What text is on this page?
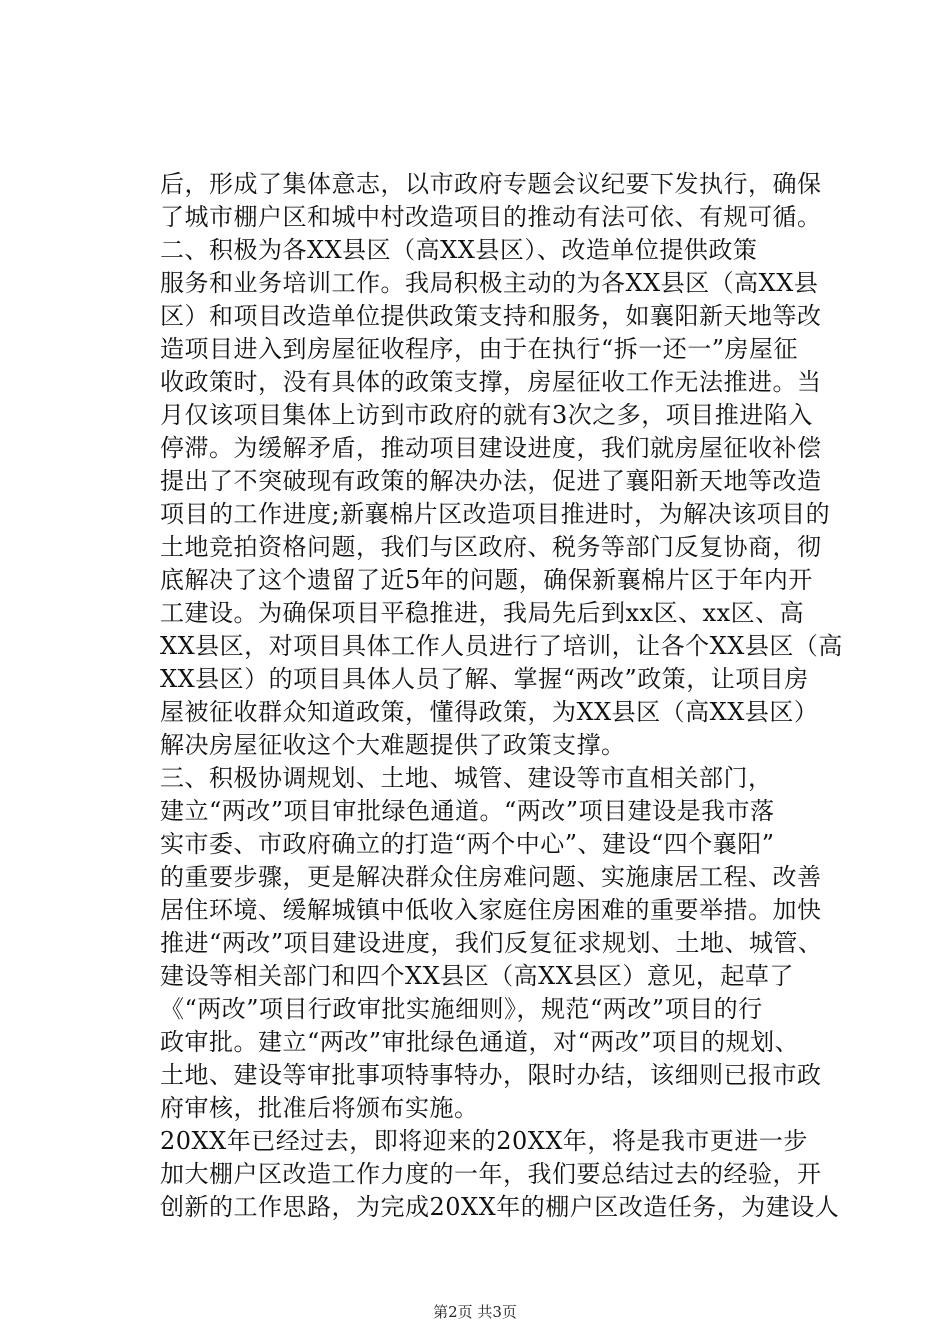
后，形成了集体意志，以市政府专题会议纪要下发执行，确保
了城市棚户区和城中村改造项目的推动有法可依、有规可循。
二、积极为各XX县区（高XX县区）、改造单位提供政策
服务和业务培训工作。我局积极主动的为各XX县区（高XX县
区）和项目改造单位提供政策支持和服务，如襄阳新天地等改
造项目进入到房屋征收程序，由于在执行“拆一还一”房屋征
收政策时，没有具体的政策支撑，房屋征收工作无法推进。当
月仅该项目集体上访到市政府的就有3次之多，项目推进陷入
停滞。为缓解矛盾，推动项目建设进度，我们就房屋征收补偿
提出了不突破现有政策的解决办法，促进了襄阳新天地等改造
项目的工作进度;新襄棉片区改造项目推进时，为解决该项目的
土地竞拍资格问题，我们与区政府、税务等部门反复协商，彻
底解决了这个遗留了近5年的问题，确保新襄棉片区于年内开
工建设。为确保项目平稳推进，我局先后到xx区、xx区、高
XX县区，对项目具体工作人员进行了培训，让各个XX县区（高
XX县区）的项目具体人员了解、掌握“两改”政策，让项目房
屋被征收群众知道政策，懂得政策，为XX县区（高XX县区）
解决房屋征收这个大难题提供了政策支撑。
三、积极协调规划、土地、城管、建设等市直相关部门，
建立“两改”项目审批绿色通道。“两改”项目建设是我市落
实市委、市政府确立的打造“两个中心”、建设“四个襄阳”
的重要步骤，更是解决群众住房难问题、实施康居工程、改善
居住环境、缓解城镇中低收入家庭住房困难的重要举措。加快
推进“两改”项目建设进度，我们反复征求规划、土地、城管、
建设等相关部门和四个XX县区（高XX县区）意见，起草了
《“两改”项目行政审批实施细则》，规范“两改”项目的行
政审批。建立“两改”审批绿色通道，对“两改”项目的规划、
土地、建设等审批事项特事特办，限时办结，该细则已报市政
府审核，批准后将颁布实施。
20XX年已经过去，即将迎来的20XX年，将是我市更进一步
加大棚户区改造工作力度的一年，我们要总结过去的经验，开
创新的工作思路，为完成20XX年的棚户区改造任务，为建设人
第2页 共3页
